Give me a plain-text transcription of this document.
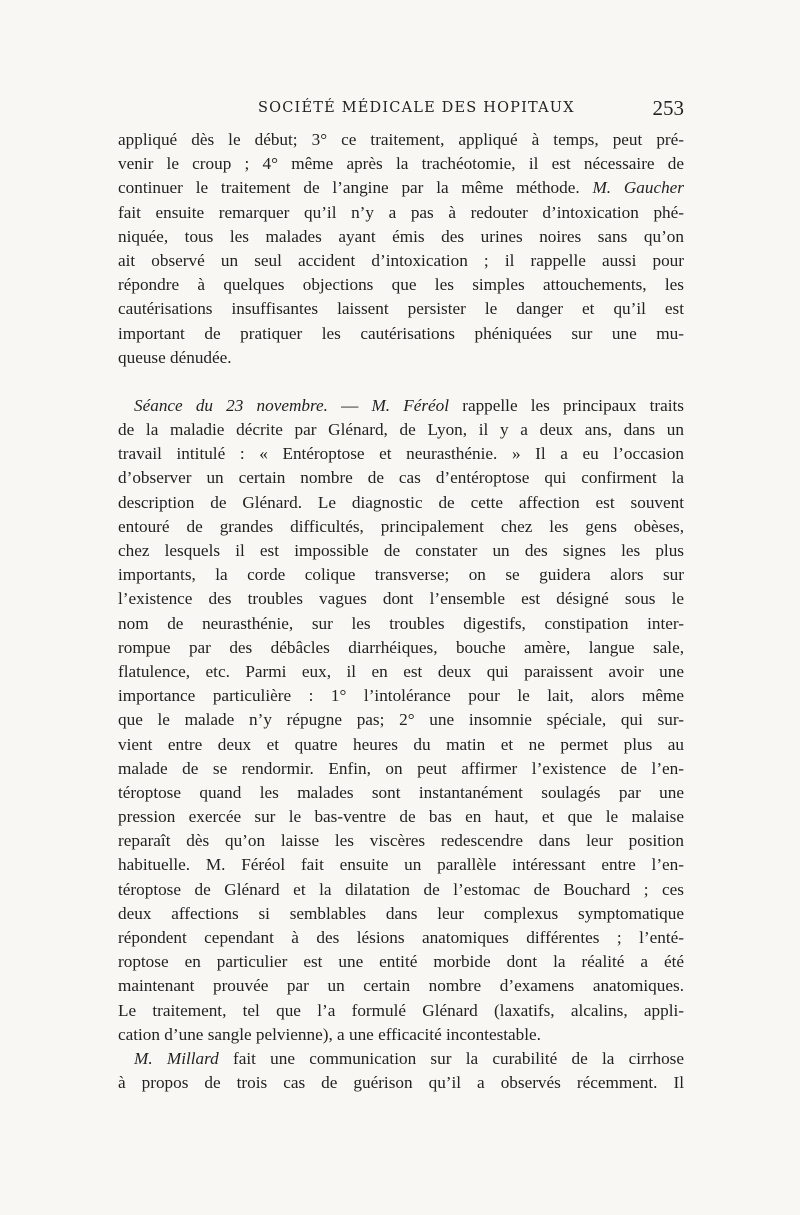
SOCIÉTÉ MÉDICALE DES HOPITAUX	253
appliqué dès le début; 3° ce traitement, appliqué à temps, peut pré-
venir le croup ; 4° même après la trachéotomie, il est nécessaire de
continuer le traitement de l’angine par la même méthode. M. Gaucher
fait ensuite remarquer qu’il n’y a pas à redouter d’intoxication phé-
niquée, tous les malades ayant émis des urines noires sans qu’on
ait observé un seul accident d’intoxication ; il rappelle aussi pour
répondre à quelques objections que les simples attouchements, les
cautérisations insuffisantes laissent persister le danger et qu’il est
important de pratiquer les cautérisations phéniquées sur une mu-
queuse dénudée.
Séance du 23 novembre. — M. Féréol rappelle les principaux traits
de la maladie décrite par Glénard, de Lyon, il y a deux ans, dans un
travail intitulé : « Entéroptose et neurasthénie. » Il a eu l’occasion
d’observer un certain nombre de cas d’entéroptose qui confirment la
description de Glénard. Le diagnostic de cette affection est souvent
entouré de grandes difficultés, principalement chez les gens obèses,
chez lesquels il est impossible de constater un des signes les plus
importants, la corde colique transverse; on se guidera alors sur
l’existence des troubles vagues dont l’ensemble est désigné sous le
nom de neurasthénie, sur les troubles digestifs, constipation inter-
rompue par des débâcles diarrhéiques, bouche amère, langue sale,
flatulence, etc. Parmi eux, il en est deux qui paraissent avoir une
importance particulière : 1° l’intolérance pour le lait, alors même
que le malade n’y répugne pas; 2° une insomnie spéciale, qui sur-
vient entre deux et quatre heures du matin et ne permet plus au
malade de se rendormir. Enfin, on peut affirmer l’existence de l’en-
téroptose quand les malades sont instantanément soulagés par une
pression exercée sur le bas-ventre de bas en haut, et que le malaise
reparaît dès qu’on laisse les viscères redescendre dans leur position
habituelle. M. Féréol fait ensuite un parallèle intéressant entre l’en-
téroptose de Glénard et la dilatation de l’estomac de Bouchard ; ces
deux affections si semblables dans leur complexus symptomatique
répondent cependant à des lésions anatomiques différentes ; l’enté-
roptose en particulier est une entité morbide dont la réalité a été
maintenant prouvée par un certain nombre d’examens anatomiques.
Le traitement, tel que l’a formulé Glénard (laxatifs, alcalins, appli-
cation d’une sangle pelvienne), a une efficacité incontestable.
M. Millard fait une communication sur la curabilité de la cirrhose
à propos de trois cas de guérison qu’il a observés récemment. Il
